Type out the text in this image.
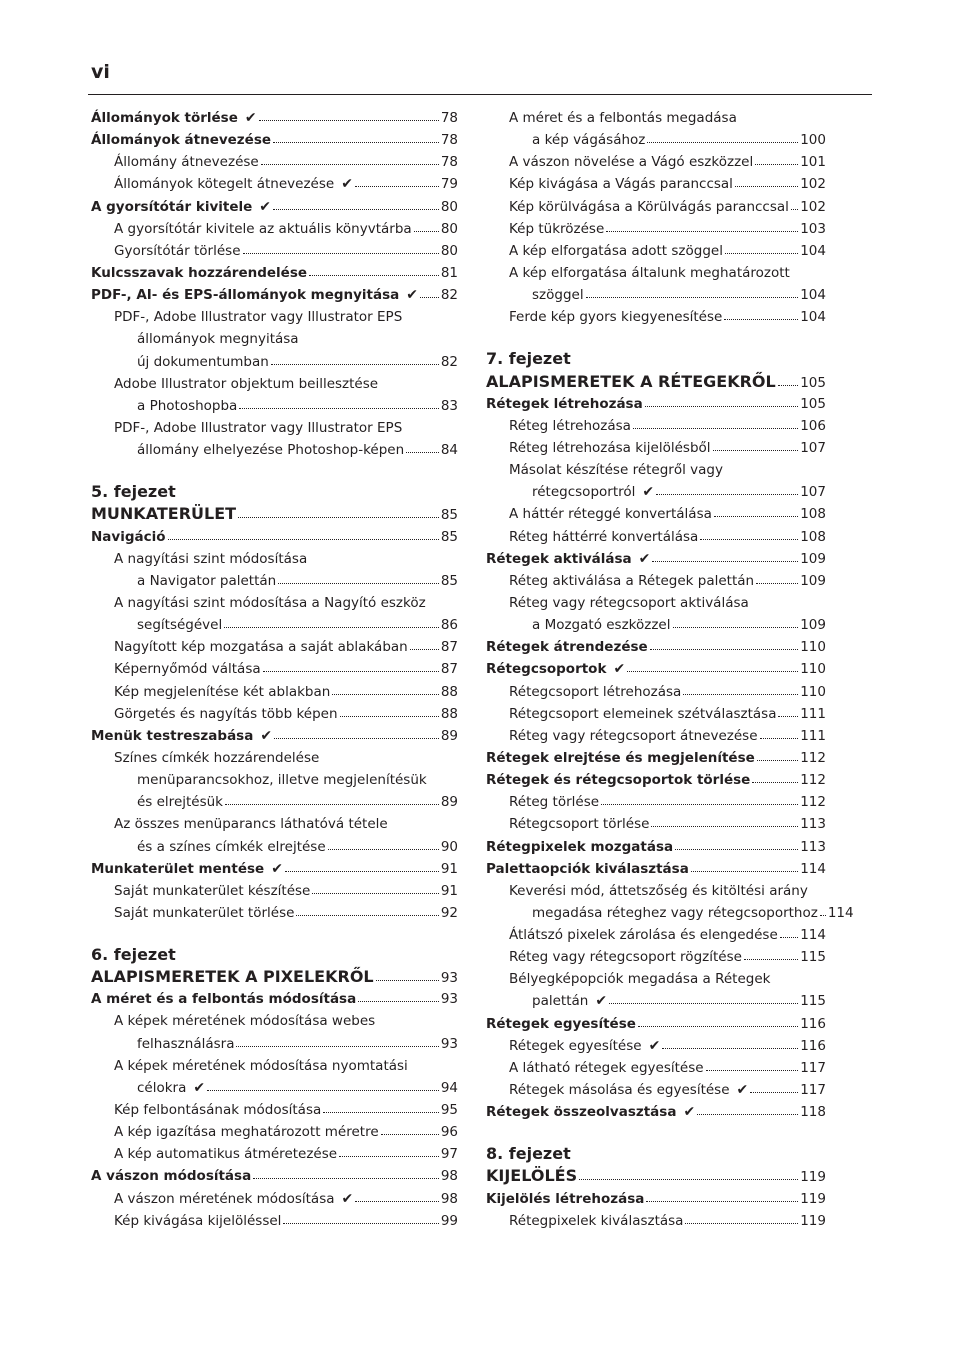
vi
Állományok törlése ✔	78
Állományok átnevezése	78
Állomány átnevezése	78
Állományok kötegelt átnevezése ✔	79
A gyorsítótár kivitele ✔	80
A gyorsítótár kivitele az aktuális könyvtárba 80
Gyorsítótár törlése	80
Kulcsszavak hozzárendelése	81
PDF-, AI- és EPS-állományok megnyitása ✔ 82
PDF-, Adobe Illustrator vagy Illustrator EPS
állományok megnyitása
új dokumentumban	82
Adobe Illustrator objektum beillesztése
a Photoshopba	83
PDF-, Adobe Illustrator vagy Illustrator EPS
állomány elhelyezése Photoshop-képen	84
5. fejezet
MUNKATERÜLET	85
Navigáció	85
A nagyítási szint módosítása
a Navigator palettán	85
A nagyítási szint módosítása a Nagyító eszköz
segítségével	86
Nagyított kép mozgatása a saját ablakában 87
Képernyőmód váltása	87
Kép megjelenítése két ablakban	88
Görgetés és nagyítás több képen	88
Menük testreszabása ✔	89
Színes címkék hozzárendelése
menüparancsokhoz, illetve megjelenítésük
és elrejtésük	89
Az összes menüparancs láthatóvá tétele
és a színes címkék elrejtése	90
Munkaterület mentése ✔	91
Saját munkaterület készítése	91
Saját munkaterület törlése	92
6. fejezet
ALAPISMERETEK A PIXELEKRŐL	93
A méret és a felbontás módosítása	93
A képek méretének módosítása webes
felhasználásra	93
A képek méretének módosítása nyomtatási
célokra ✔	94
Kép felbontásának módosítása	95
A kép igazítása meghatározott méretre	96
A kép automatikus átméretezése	97
A vászon módosítása	98
A vászon méretének módosítása ✔	98
Kép kivágása kijelöléssel	99
A méret és a felbontás megadása
a kép vágásához	100
A vászon növelése a Vágó eszközzel	101
Kép kivágása a Vágás paranccsal	102
Kép körülvágása a Körülvágás paranccsal 102
Kép tükrözése	103
A kép elforgatása adott szöggel	104
A kép elforgatása általunk meghatározott
szöggel	104
Ferde kép gyors kiegyenesítése	104
7. fejezet
ALAPISMERETEK A RÉTEGEKRŐL 105
Rétegek létrehozása	105
Réteg létrehozása	106
Réteg létrehozása kijelölésből	107
Másolat készítése rétegről vagy
rétegcsoportról ✔	107
A háttér réteggé konvertálása	108
Réteg háttérré konvertálása	108
Rétegek aktiválása ✔	109
Réteg aktiválása a Rétegek palettán	109
Réteg vagy rétegcsoport aktiválása
a Mozgató eszközzel	109
Rétegek átrendezése	110
Rétegcsoportok ✔	110
Rétegcsoport létrehozása	110
Rétegcsoport elemeinek szétválasztása 111
Réteg vagy rétegcsoport átnevezése	111
Rétegek elrejtése és megjelenítése	112
Rétegek és rétegcsoportok törlése	112
Réteg törlése	112
Rétegcsoport törlése	113
Rétegpixelek mozgatása	113
Palettaopciók kiválasztása	114
Keverési mód, áttetszőség és kitöltési arány
megadása réteghez vagy rétegcsoporthoz 114
Átlátszó pixelek zárolása és elengedése 114
Réteg vagy rétegcsoport rögzítése	115
Bélyegképopciók megadása a Rétegek
palettán ✔	115
Rétegek egyesítése	116
Rétegek egyesítése ✔	116
A látható rétegek egyesítése	117
Rétegek másolása és egyesítése ✔	117
Rétegek összeolvasztása ✔	118
8. fejezet
KIJELÖLÉS	119
Kijelölés létrehozása	119
Rétegpixelek kiválasztása	119
